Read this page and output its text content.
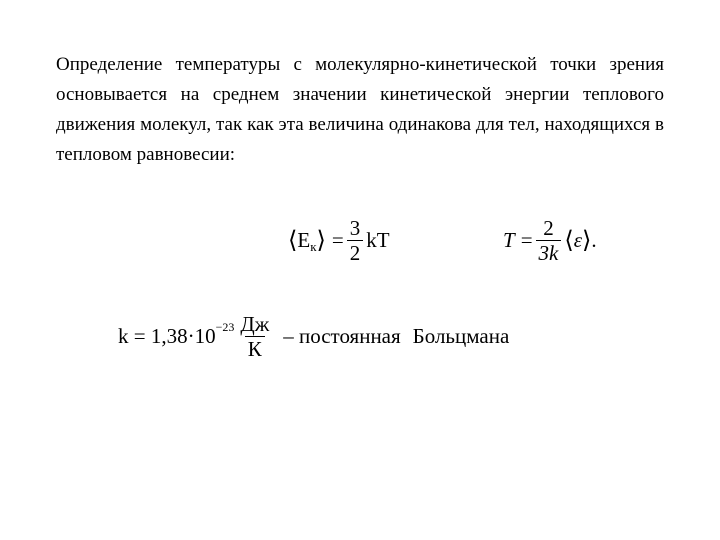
Определение температуры с молекулярно-кинетической точки зрения основывается на среднем значении кинетической энергии теплового движения молекул, так как эта величина одинакова для тел, находящихся в тепловом равновесии:

⟨ E к ⟩ = $\frac{3}{2}$ kT	$T = \frac{2}{3k}$ ⟨ ε ⟩ .
$k = 1,38\cdot 10 -23 \frac{Дж}{К}$ – постоянная Больцмана
